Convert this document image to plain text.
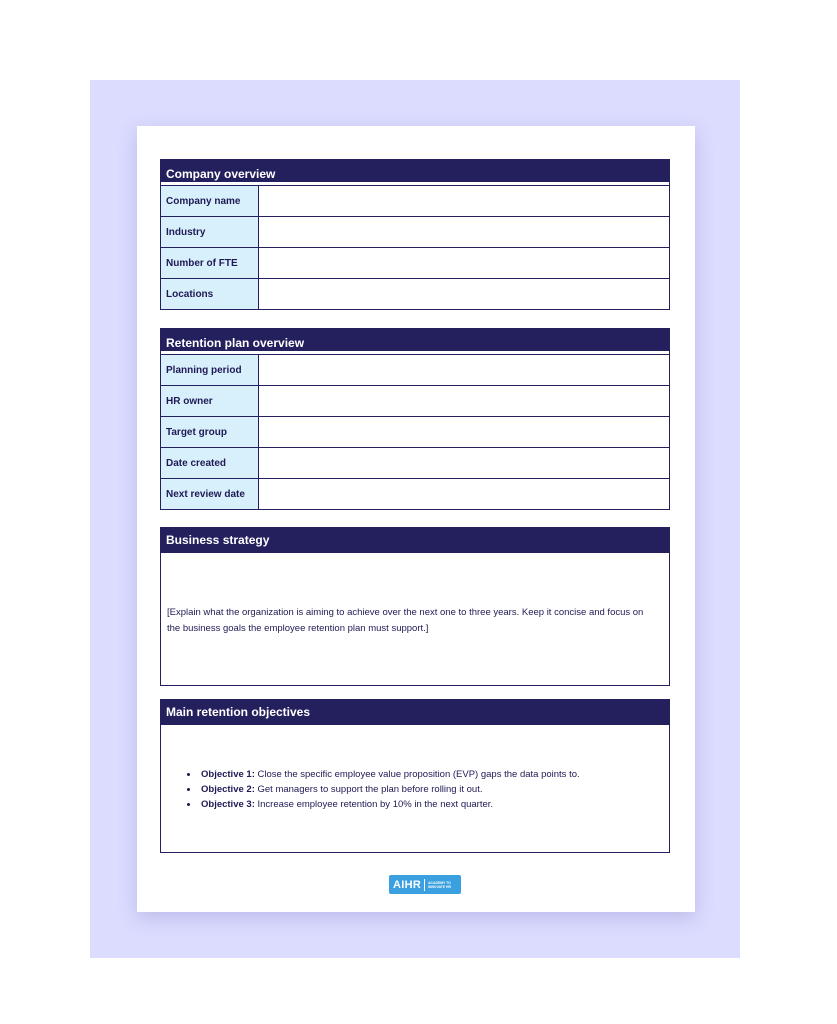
Company overview
Company name
Industry
Number of FTE
Locations
Retention plan overview
Planning period
HR owner
Target group
Date created
Next review date
Business strategy
[Explain what the organization is aiming to achieve over the next one to three years. Keep it concise and focus on the business goals the employee retention plan must support.]
Main retention objectives
• Objective 1: Close the specific employee value proposition (EVP) gaps the data points to.
• Objective 2: Get managers to support the plan before rolling it out.
• Objective 3: Increase employee retention by 10% in the next quarter.
AIHR ACADEMY TO
INNOVATE HR
